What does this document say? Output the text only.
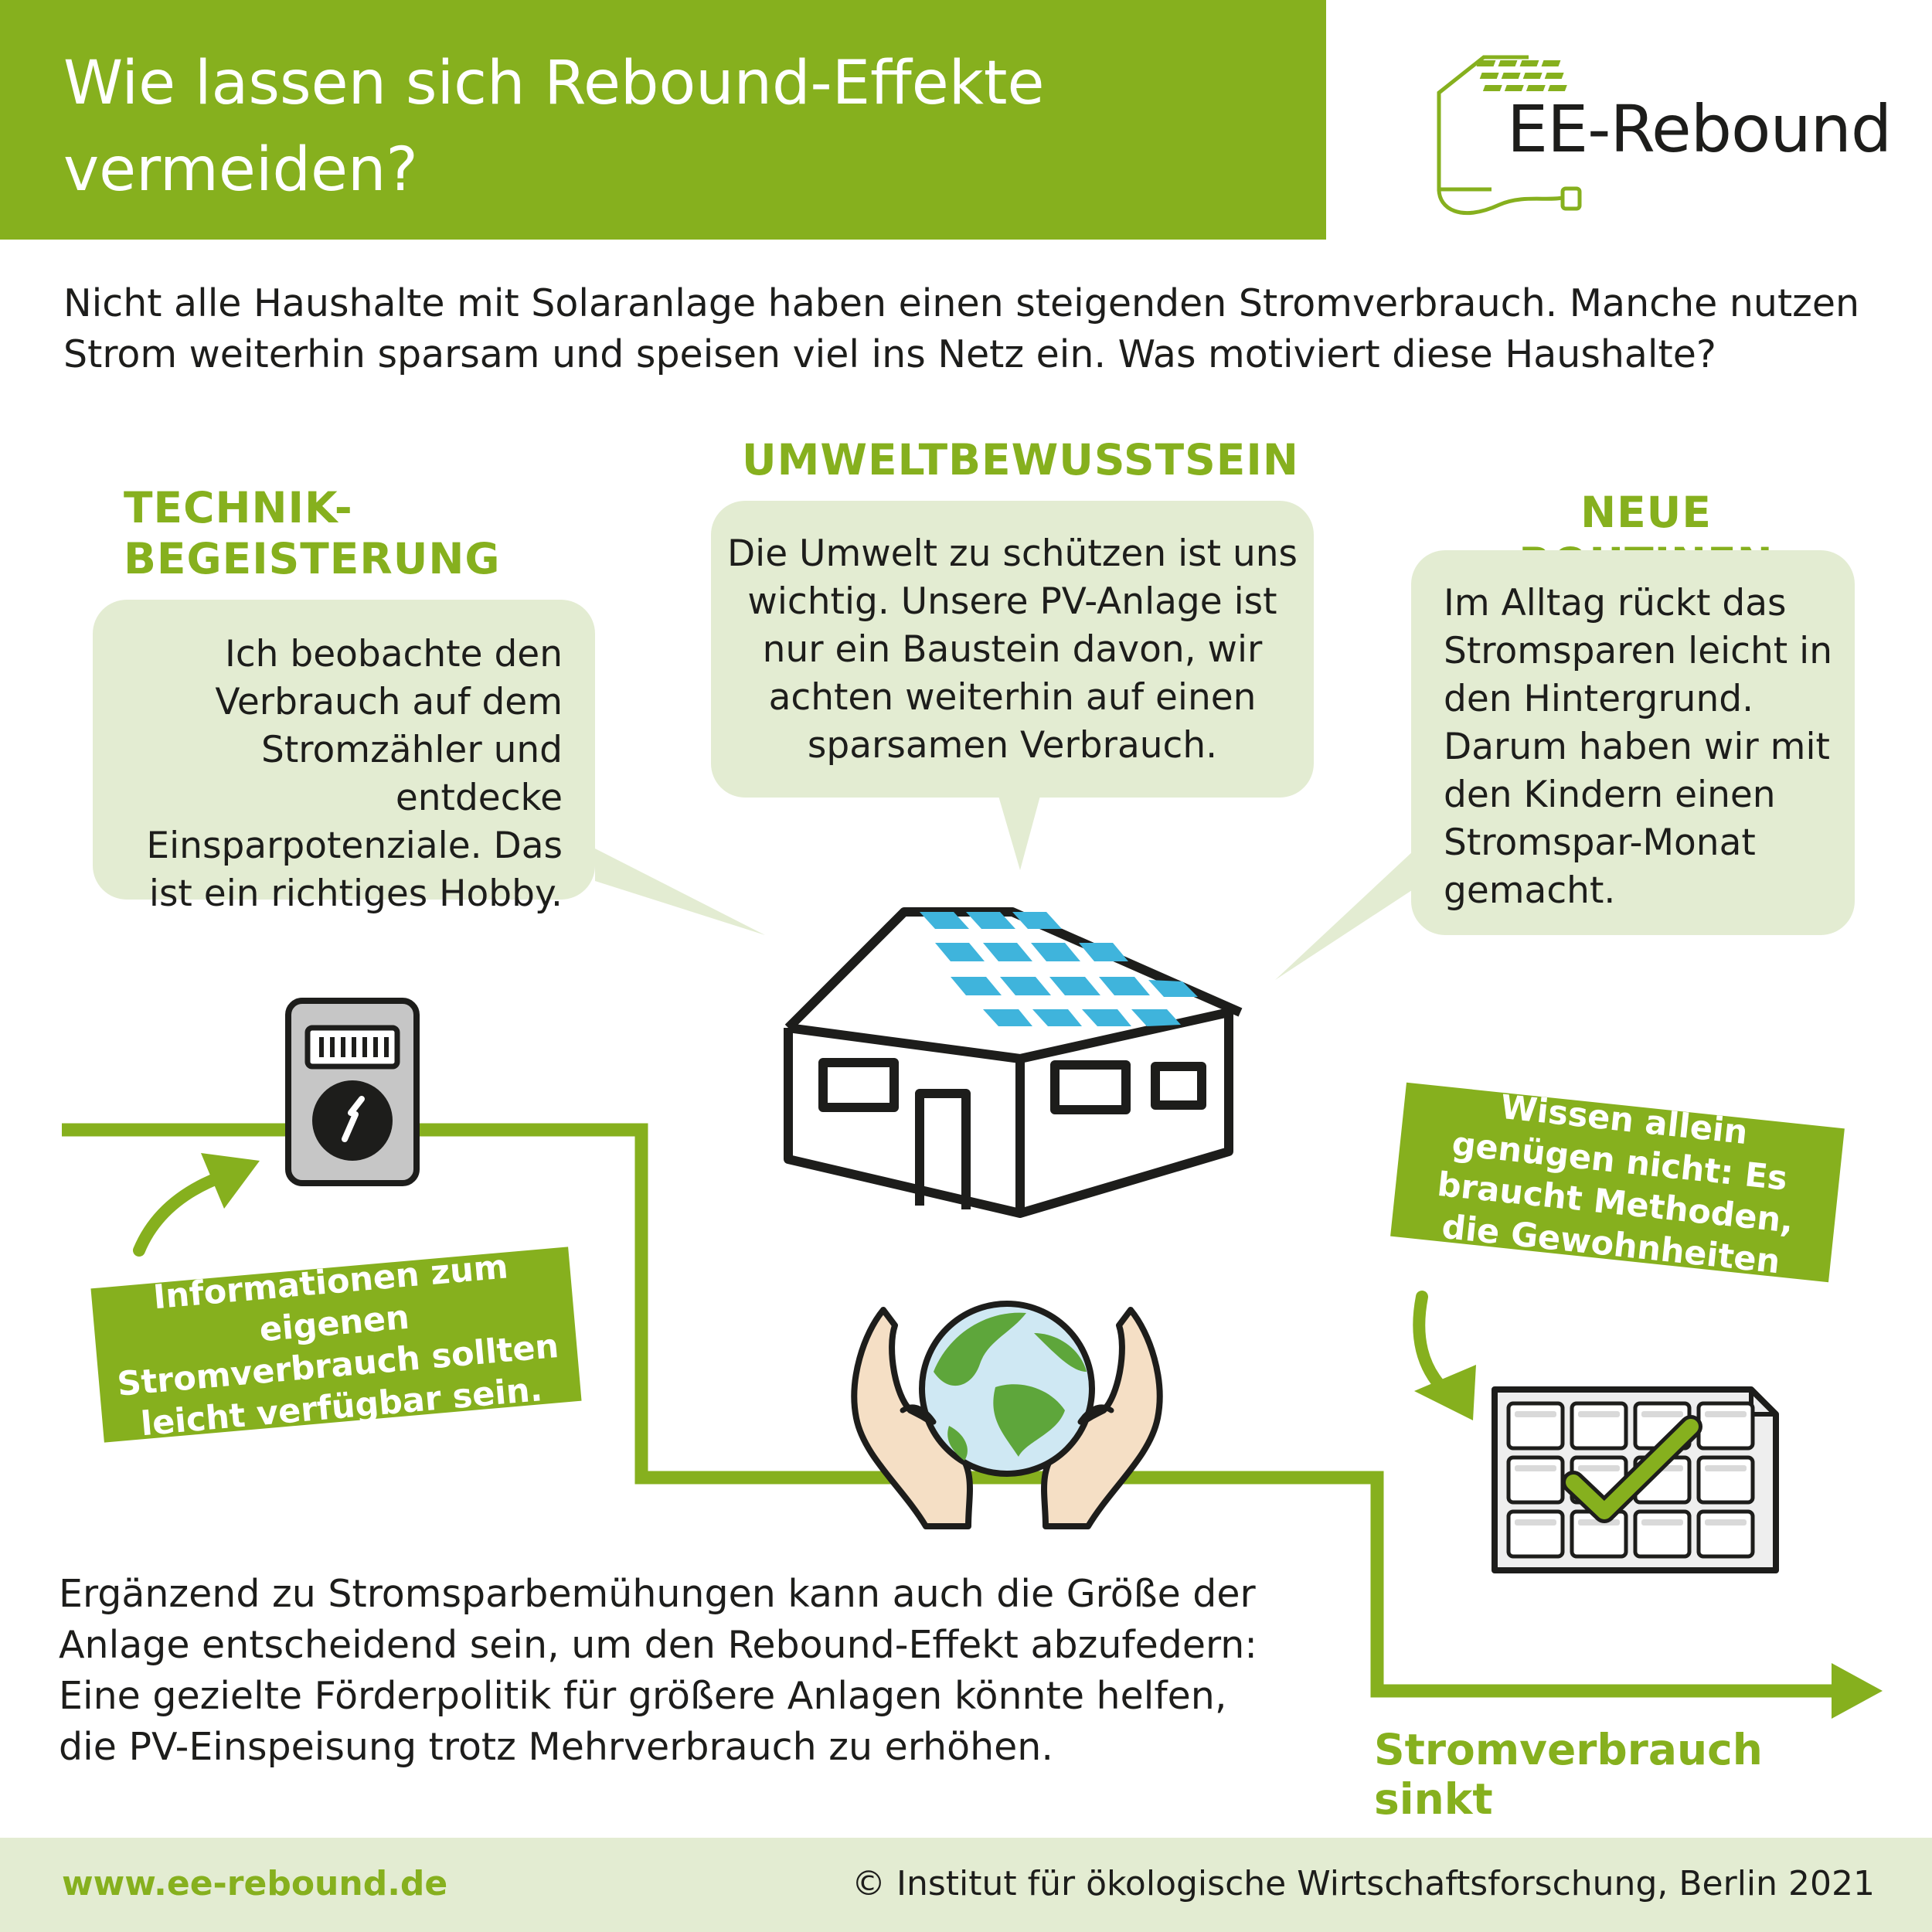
Wie lassen sich Rebound-Effekte vermeiden?
EE-Rebound

Nicht alle Haushalte mit Solaranlage haben einen steigenden Stromverbrauch. Manche nutzen Strom weiterhin sparsam und speisen viel ins Netz ein. Was motiviert diese Haushalte?

TECHNIK- BEGEISTERUNG
UMWELTBEWUSSTSEIN
NEUE
Ich beobachte den Verbrauch auf dem Stromzähler und entdecke Einsparpotenziale. Das ist ein richtiges Hobby.
Die Umwelt zu schützen ist uns wichtig. Unsere PV-Anlage ist nur ein Baustein davon, wir achten weiterhin auf einen sparsamen Verbrauch.
Im Alltag rückt das Stromsparen leicht in den Hintergrund. Darum haben wir mit den Kindern einen Stromspar-Monat gemacht.
Informationen zum eigenen Stromverbrauch sollten leicht verfügbar sein.
Bewusstsein und Wissen allein genügen nicht: Es braucht Methoden, die Gewohnheiten aufbrechen.

Ergänzend zu Stromsparbemühungen kann auch die Größe der Anlage entscheidend sein, um den Rebound-Effekt abzufedern: Eine gezielte Förderpolitik für größere Anlagen könnte helfen, die PV-Einspeisung trotz Mehrverbrauch zu erhöhen.	Stromverbrauch sinkt
www.ee-rebound.de	© Institut für ökologische Wirtschaftsforschung, Berlin 2021
